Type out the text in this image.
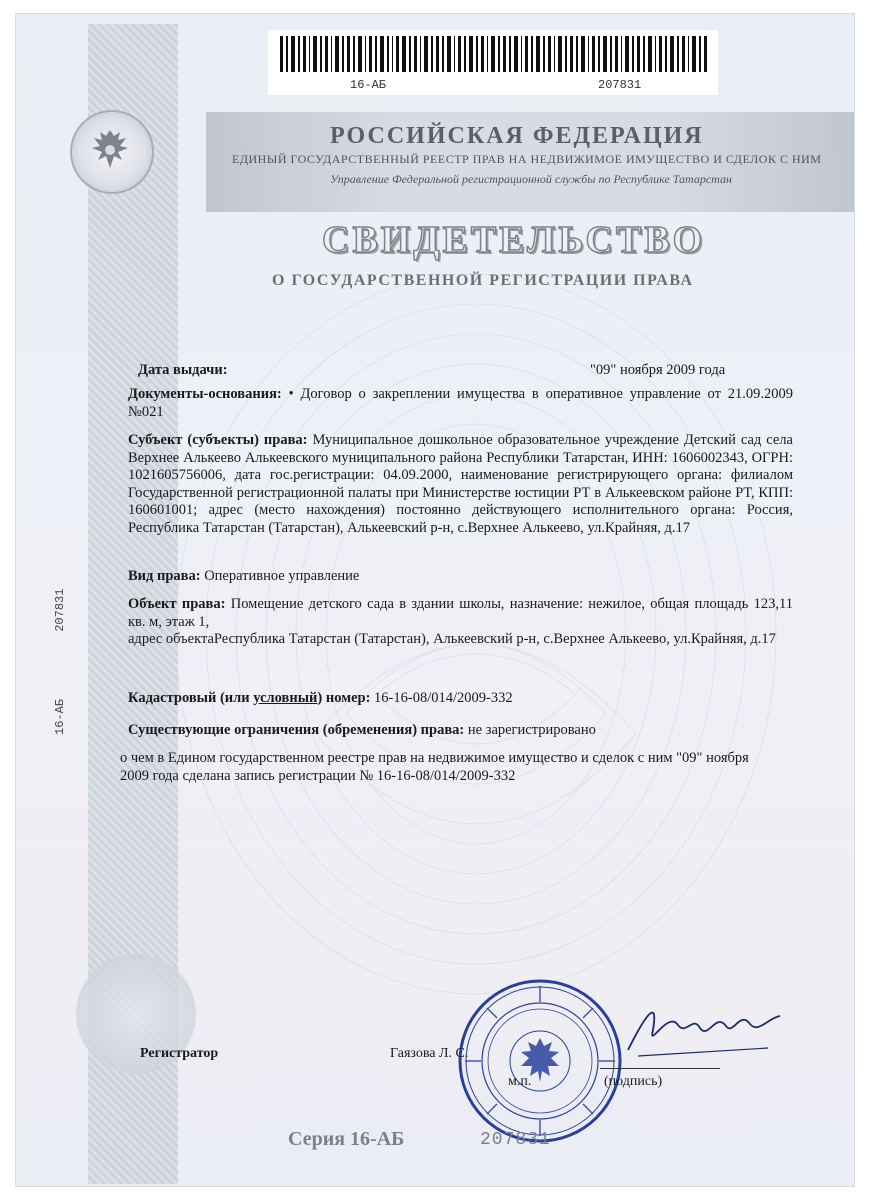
16-АБ	207831
РОССИЙСКАЯ ФЕДЕРАЦИЯ
ЕДИНЫЙ ГОСУДАРСТВЕННЫЙ РЕЕСТР ПРАВ НА НЕДВИЖИМОЕ ИМУЩЕСТВО И СДЕЛОК С НИМ
Управление Федеральной регистрационной службы по Республике Татарстан
СВИДЕТЕЛЬСТВО
О ГОСУДАРСТВЕННОЙ РЕГИСТРАЦИИ ПРАВА
16-АБ 207831
Дата выдачи:	"09" ноября 2009 года
Документы-основания: • Договор о закреплении имущества в оперативное управление от 21.09.2009 №021
Субъект (субъекты) права: Муниципальное дошкольное образовательное учреждение Детский сад села Верхнее Алькеево Алькеевского муниципального района Республики Татарстан, ИНН: 1606002343, ОГРН: 1021605756006, дата гос.регистрации: 04.09.2000, наименование регистрирующего органа: филиалом Государственной регистрационной палаты при Министерстве юстиции РТ в Алькеевском районе РТ, КПП: 160601001; адрес (место нахождения) постоянно действующего исполнительного органа: Россия, Республика Татарстан (Татарстан), Алькеевский р-н, с.Верхнее Алькеево, ул.Крайняя, д.17
Вид права: Оперативное управление
Объект права: Помещение детского сада в здании школы, назначение: нежилое, общая площадь 123,11 кв. м, этаж 1,
адрес объектаРеспублика Татарстан (Татарстан), Алькеевский р-н, с.Верхнее Алькеево, ул.Крайняя, д.17
Кадастровый (или условный) номер: 16-16-08/014/2009-332
Существующие ограничения (обременения) права: не зарегистрировано
о чем в Едином государственном реестре прав на недвижимое имущество и сделок с ним "09" ноября 2009 года сделана запись регистрации № 16-16-08/014/2009-332
Регистратор	Гаязова Л. С.
м.п.	(подпись)
Серия 16-АБ	207831
